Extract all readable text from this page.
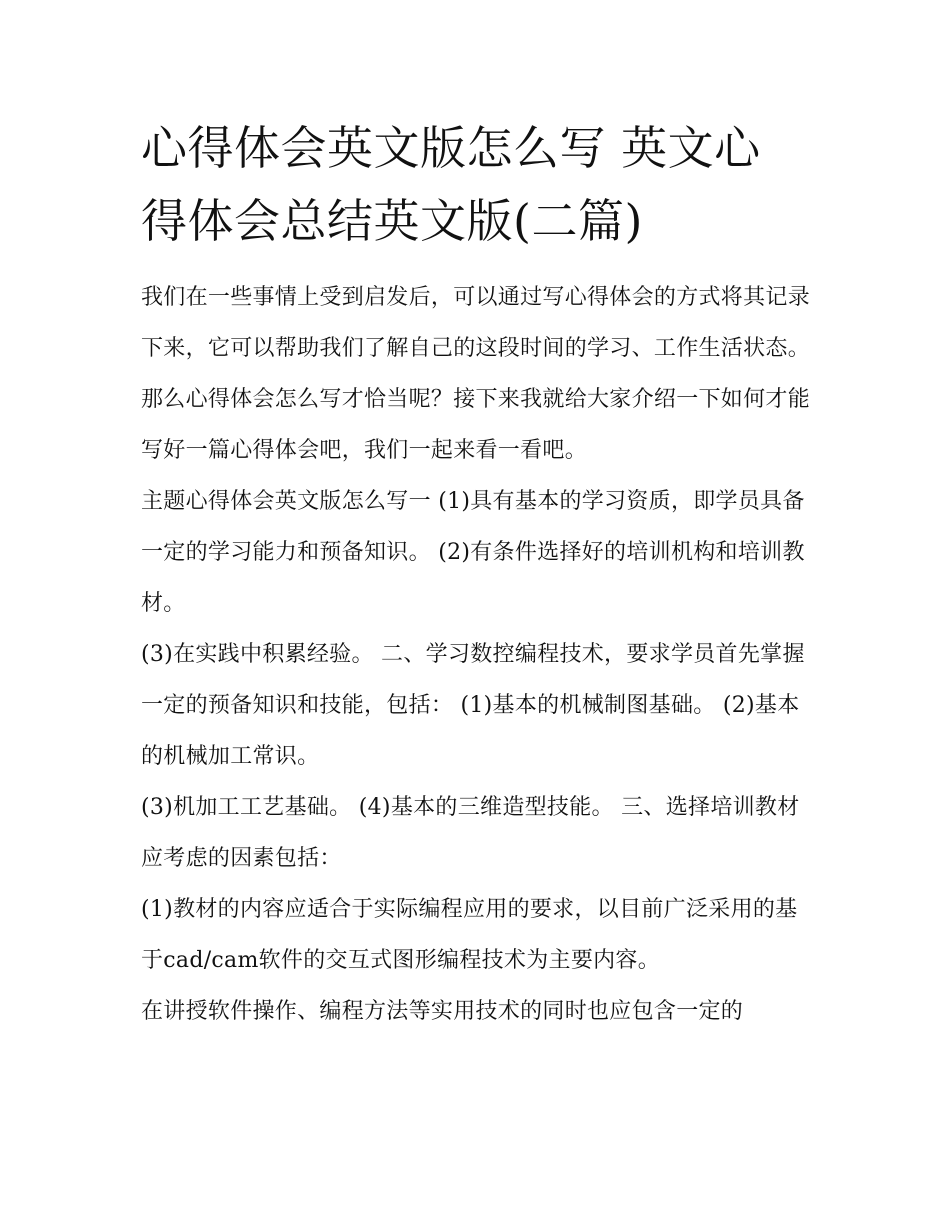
心得体会英文版怎么写 英文心
得体会总结英文版(二篇)

我们在一些事情上受到启发后，可以通过写心得体会的方式将其记录下来，它可以帮助我们了解自己的这段时间的学习、工作生活状态。那么心得体会怎么写才恰当呢？接下来我就给大家介绍一下如何才能写好一篇心得体会吧，我们一起来看一看吧。

主题心得体会英文版怎么写一 (1)具有基本的学习资质，即学员具备一定的学习能力和预备知识。 (2)有条件选择好的培训机构和培训教材。

(3)在实践中积累经验。 二、学习数控编程技术，要求学员首先掌握一定的预备知识和技能，包括： (1)基本的机械制图基础。 (2)基本的机械加工常识。

(3)机加工工艺基础。 (4)基本的三维造型技能。 三、选择培训教材应考虑的因素包括：

(1)教材的内容应适合于实际编程应用的要求，以目前广泛采用的基于cad/cam软件的交互式图形编程技术为主要内容。

在讲授软件操作、编程方法等实用技术的同时也应包含一定的
